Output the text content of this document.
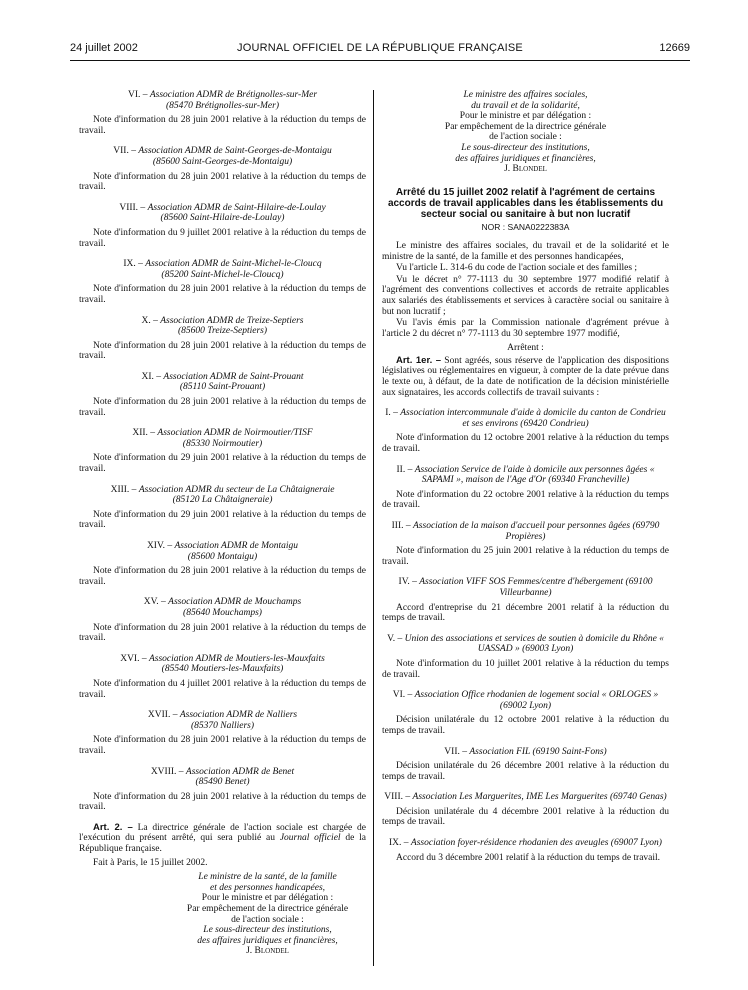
24 juillet 2002	JOURNAL OFFICIEL DE LA RÉPUBLIQUE FRANÇAISE	12669

VI. – Association ADMR de Brétignolles-sur-Mer

(85470 Brétignolles-sur-Mer)

Note d'information du 28 juin 2001 relative à la réduction du temps de travail.

VII. – Association ADMR de Saint-Georges-de-Montaigu

(85600 Saint-Georges-de-Montaigu)

Note d'information du 28 juin 2001 relative à la réduction du temps de travail.

VIII. – Association ADMR de Saint-Hilaire-de-Loulay

(85600 Saint-Hilaire-de-Loulay)

Note d'information du 9 juillet 2001 relative à la réduction du temps de travail.

IX. – Association ADMR de Saint-Michel-le-Cloucq

(85200 Saint-Michel-le-Cloucq)

Note d'information du 28 juin 2001 relative à la réduction du temps de travail.

X. – Association ADMR de Treize-Septiers

(85600 Treize-Septiers)

Note d'information du 28 juin 2001 relative à la réduction du temps de travail.

XI. – Association ADMR de Saint-Prouant

(85110 Saint-Prouant)

Note d'information du 28 juin 2001 relative à la réduction du temps de travail.

XII. – Association ADMR de Noirmoutier/TISF

(85330 Noirmoutier)

Note d'information du 29 juin 2001 relative à la réduction du temps de travail.

XIII. – Association ADMR du secteur de La Châtaigneraie

(85120 La Châtaigneraie)

Note d'information du 29 juin 2001 relative à la réduction du temps de travail.

XIV. – Association ADMR de Montaigu

(85600 Montaigu)

Note d'information du 28 juin 2001 relative à la réduction du temps de travail.

XV. – Association ADMR de Mouchamps

(85640 Mouchamps)

Note d'information du 28 juin 2001 relative à la réduction du temps de travail.

XVI. – Association ADMR de Moutiers-les-Mauxfaits

(85540 Moutiers-les-Mauxfaits)

Note d'information du 4 juillet 2001 relative à la réduction du temps de travail.

XVII. – Association ADMR de Nalliers

(85370 Nalliers)

Note d'information du 28 juin 2001 relative à la réduction du temps de travail.

XVIII. – Association ADMR de Benet

(85490 Benet)

Note d'information du 28 juin 2001 relative à la réduction du temps de travail.

Art. 2. – La directrice générale de l'action sociale est chargée de l'exécution du présent arrêté, qui sera publié au Journal officiel de la République française.

Fait à Paris, le 15 juillet 2002.

Le ministre de la santé, de la famille

et des personnes handicapées,

Pour le ministre et par délégation :

Par empêchement de la directrice générale

de l'action sociale :

Le sous-directeur des institutions,

des affaires juridiques et financières,

J. Blondel

Le ministre des affaires sociales,

du travail et de la solidarité,

Pour le ministre et par délégation :

Par empêchement de la directrice générale

de l'action sociale :

Le sous-directeur des institutions,

des affaires juridiques et financières,

J. Blondel

Arrêté du 15 juillet 2002 relatif à l'agrément de certains accords de travail applicables dans les établissements du secteur social ou sanitaire à but non lucratif

NOR : SANA0222383A

Le ministre des affaires sociales, du travail et de la solidarité et le ministre de la santé, de la famille et des personnes handicapées,

Vu l'article L. 314-6 du code de l'action sociale et des familles ;

Vu le décret n° 77-1113 du 30 septembre 1977 modifié relatif à l'agrément des conventions collectives et accords de retraite applicables aux salariés des établissements et services à caractère social ou sanitaire à but non lucratif ;

Vu l'avis émis par la Commission nationale d'agrément prévue à l'article 2 du décret n° 77-1113 du 30 septembre 1977 modifié,

Arrêtent :

Art. 1er. – Sont agréés, sous réserve de l'application des dispositions législatives ou réglementaires en vigueur, à compter de la date prévue dans le texte ou, à défaut, de la date de notification de la décision ministérielle aux signataires, les accords collectifs de travail suivants :

I. – Association intercommunale d'aide à domicile du canton de Condrieu et ses environs (69420 Condrieu)

Note d'information du 12 octobre 2001 relative à la réduction du temps de travail.

II. – Association Service de l'aide à domicile aux personnes âgées « SAPAMI », maison de l'Age d'Or (69340 Francheville)

Note d'information du 22 octobre 2001 relative à la réduction du temps de travail.

III. – Association de la maison d'accueil pour personnes âgées (69790 Propières)

Note d'information du 25 juin 2001 relative à la réduction du temps de travail.

IV. – Association VIFF SOS Femmes/centre d'hébergement (69100 Villeurbanne)

Accord d'entreprise du 21 décembre 2001 relatif à la réduction du temps de travail.

V. – Union des associations et services de soutien à domicile du Rhône « UASSAD » (69003 Lyon)

Note d'information du 10 juillet 2001 relative à la réduction du temps de travail.

VI. – Association Office rhodanien de logement social « ORLOGES » (69002 Lyon)

Décision unilatérale du 12 octobre 2001 relative à la réduction du temps de travail.

VII. – Association FIL (69190 Saint-Fons)

Décision unilatérale du 26 décembre 2001 relative à la réduction du temps de travail.

VIII. – Association Les Marguerites, IME Les Marguerites (69740 Genas)

Décision unilatérale du 4 décembre 2001 relative à la réduction du temps de travail.

IX. – Association foyer-résidence rhodanien des aveugles (69007 Lyon)

Accord du 3 décembre 2001 relatif à la réduction du temps de travail.
